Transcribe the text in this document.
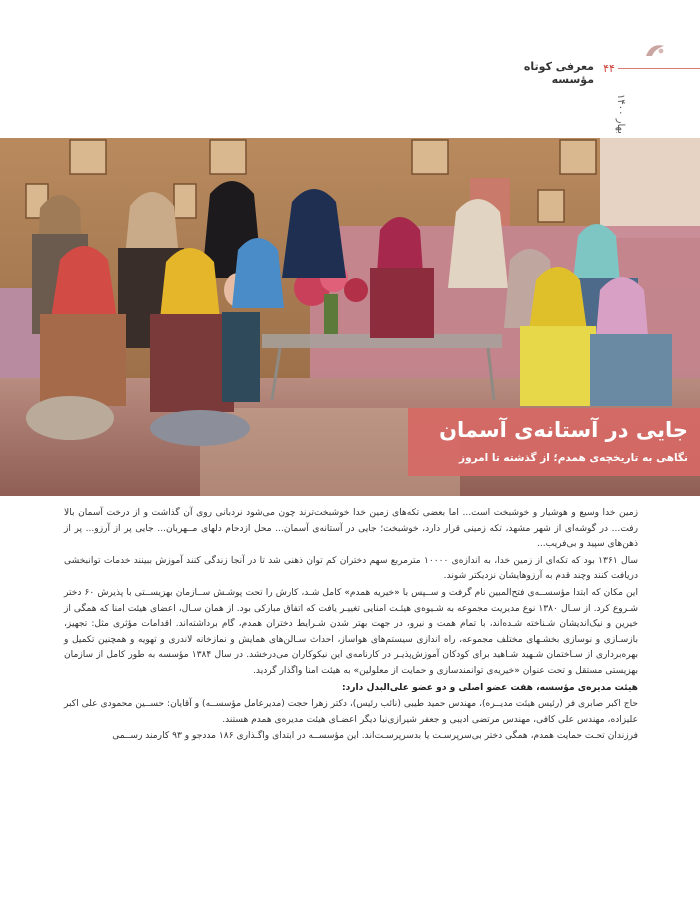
۴۴
معرفی کوتاه مؤسسه
بهار ۱۴۰۰
جایی در آستانه‌ی آسمان
نگاهی به تاریخچه‌ی همدم؛ از گذشته تا امروز

زمین خدا وسیع و هوشیار و خوشبخت است... اما بعضی تکه‌های زمین خدا خوشبخت‌ترند چون می‌شود نردبانی روی آن گذاشت و از درخت آسمان بالا رفت... در گوشه‌ای از شهر مشهد، تکه زمینی قرار دارد، خوشبخت؛ جایی در آستانه‌ی آسمان... محل ازدحام دلهای مــهربان... جایی پر از آرزو... پر از ذهن‌های سپید و بی‌فریب...

سال ۱۳۶۱ بود که تکه‌ای از زمین خدا، به اندازه‌ی ۱۰۰۰۰ مترمربع سهم دختران کم توان ذهنی شد تا در آنجا زندگی کنند آموزش ببینند خدمات توانبخشی دریافت کنند وچند قدم به آرزوهایشان نزدیکتر شوند.

این مکان که ابتدا مؤسســه‌ی فتح‌المبین نام گرفت و ســپس با «خیریه همدم» کامل شـد، کارش را تحت پوشـش ســازمان بهزیســتی با پذیرش ۶۰ دختر شـروع کرد. از سـال ۱۳۸۰ نوع مدیریت مجموعه به شـیوه‌ی هیئـت امنایی تغییـر یافت که اتفاق مبارکی بود. از همان سـال، اعضای هیئت امنا که همگی از خیرین و نیک‌اندیشان شـناخته شـده‌اند، با تمام همت و نیرو، در جهت بهتر شدن شـرایط دختران همدم، گام برداشته‌اند. اقدامات مؤثری مثل: تجهیز، بازسـازی و نوسازی بخشـهای مختلف مجموعه، راه اندازی سیستم‌های هواساز، احداث سـالن‌های همایش و نمازخانه لاندری و تهویه و همچنین تکمیل و بهره‌برداری از سـاختمان شـهید شـاهید برای کودکان آموزش‌پذیـر در کارنامه‌ی این نیکوکاران می‌درخشد. در سال ۱۳۸۴ مؤسسه به طور کامل از سازمان بهزیستی مستقل و تحت عنوان «خیریه‌ی توانمندسازی و حمایت از معلولین» به هیئت امنا واگذار گردید.

هیئت مدیره‌ی مؤسسه، هفت عضو اصلی و دو عضو علی‌البدل دارد:

حاج اکبر صابری فر (رئیس هیئت مدیــره)، مهندس حمید طیبی (نائب رئیس)، دکتر زهرا حجت (مدیرعامل مؤسســه) و آقایان: حســین محمودی علی اکبر علیزاده، مهندس علی کافی، مهندس مرتضی ادیبی و جعفر شیرازی‌نیا دیگر اعضـای هیئت مدیره‌ی همدم هستند.

فرزندان تحـت حمایت همدم، همگی دختر بی‌سرپرسـت یا بدسرپرسـت‌اند. این مؤسســه در ابتدای واگـذاری ۱۸۶ مددجو و ۹۳ کارمند رســمی
